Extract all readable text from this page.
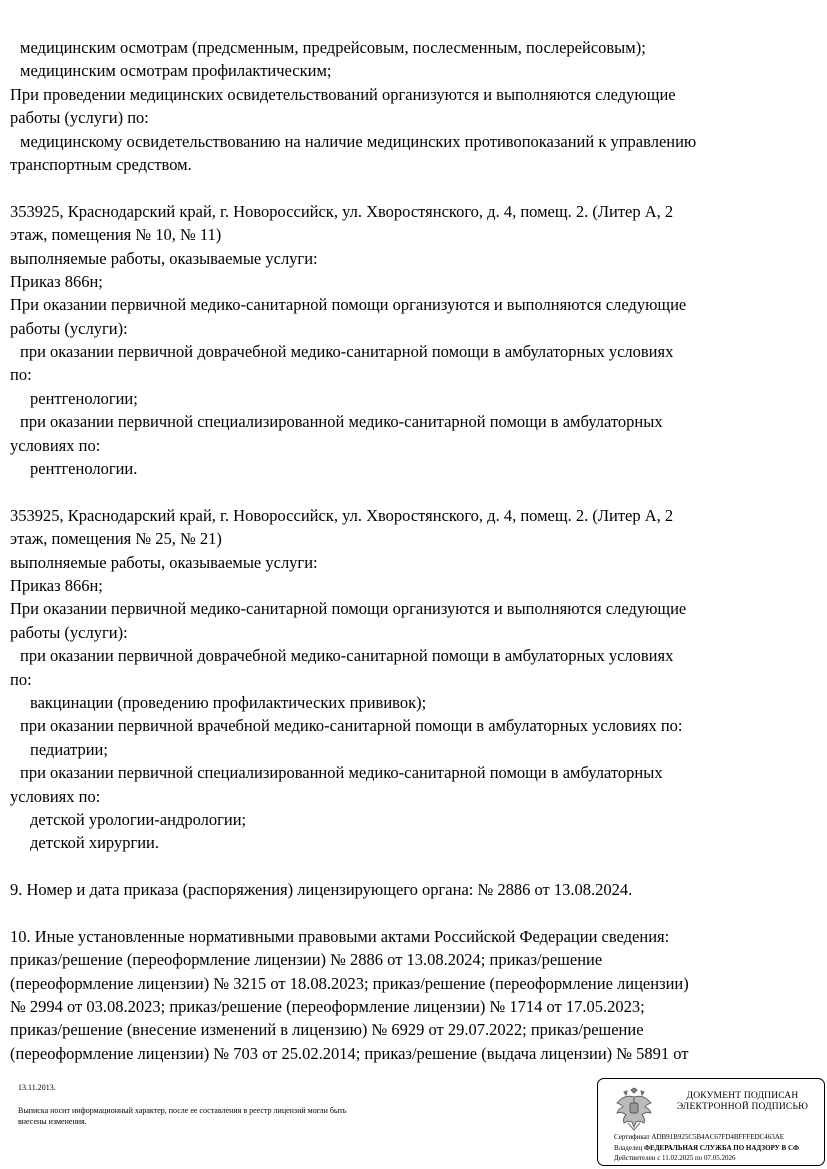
медицинским осмотрам (предсменным, предрейсовым, послесменным, послерейсовым);
медицинским осмотрам профилактическим;
При проведении медицинских освидетельствований организуются и выполняются следующие
работы (услуги) по:
медицинскому освидетельствованию на наличие медицинских противопоказаний к управлению
транспортным средством.
353925, Краснодарский край, г. Новороссийск, ул. Хворостянского, д. 4, помещ. 2. (Литер А, 2
этаж, помещения № 10, № 11)
выполняемые работы, оказываемые услуги:
Приказ 866н;
При оказании первичной медико-санитарной помощи организуются и выполняются следующие
работы (услуги):
при оказании первичной доврачебной медико-санитарной помощи в амбулаторных условиях
по:
рентгенологии;
при оказании первичной специализированной медико-санитарной помощи в амбулаторных
условиях по:
рентгенологии.
353925, Краснодарский край, г. Новороссийск, ул. Хворостянского, д. 4, помещ. 2. (Литер А, 2
этаж, помещения № 25, № 21)
выполняемые работы, оказываемые услуги:
Приказ 866н;
При оказании первичной медико-санитарной помощи организуются и выполняются следующие
работы (услуги):
при оказании первичной доврачебной медико-санитарной помощи в амбулаторных условиях
по:
вакцинации (проведению профилактических прививок);
при оказании первичной врачебной медико-санитарной помощи в амбулаторных условиях по:
педиатрии;
при оказании первичной специализированной медико-санитарной помощи в амбулаторных
условиях по:
детской урологии-андрологии;
детской хирургии.
9. Номер и дата приказа (распоряжения) лицензирующего органа: № 2886 от 13.08.2024.
10. Иные установленные нормативными правовыми актами Российской Федерации сведения:
приказ/решение (переоформление лицензии) № 2886 от 13.08.2024; приказ/решение
(переоформление лицензии) № 3215 от 18.08.2023; приказ/решение (переоформление лицензии)
№ 2994 от 03.08.2023; приказ/решение (переоформление лицензии) № 1714 от 17.05.2023;
приказ/решение (внесение изменений в лицензию) № 6929 от 29.07.2022; приказ/решение
(переоформление лицензии) № 703 от 25.02.2014; приказ/решение (выдача лицензии) № 5891 от
13.11.2013.
Выписка носит информационный характер, после ее составления в реестр лицензий могли быть
внесены изменения.
ДОКУМЕНТ ПОДПИСАН
ЭЛЕКТРОННОЙ ПОДПИСЬЮ
Сертификат ADB91B925C5B4AC67FD4BFFFEDC463AE
Владелец ФЕДЕРАЛЬНАЯ СЛУЖБА ПО НАДЗОРУ В СФ
Действителен с 11.02.2025 по 07.05.2026
